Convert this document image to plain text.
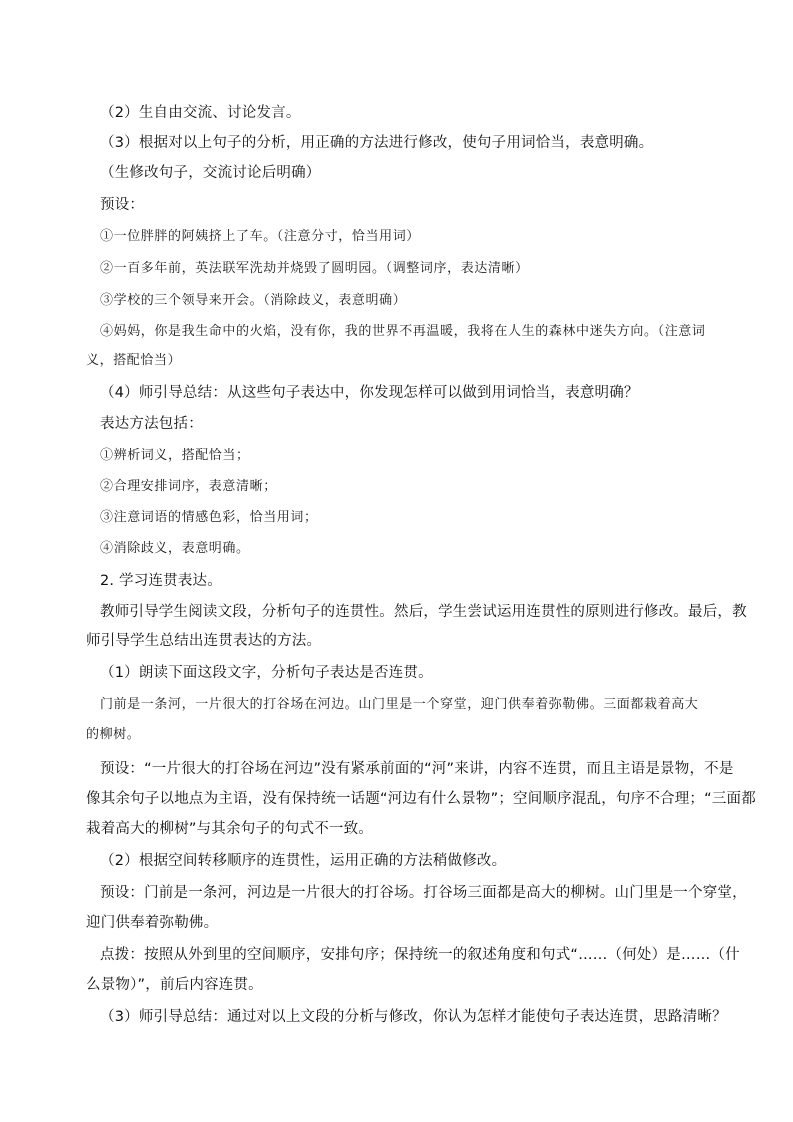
（2）生自由交流、讨论发言。
（3）根据对以上句子的分析，用正确的方法进行修改，使句子用词恰当，表意明确。
（生修改句子，交流讨论后明确）
预设：
①一位胖胖的阿姨挤上了车。（注意分寸，恰当用词）
②一百多年前，英法联军洗劫并烧毁了圆明园。（调整词序，表达清晰）
③学校的三个领导来开会。（消除歧义，表意明确）
④妈妈，你是我生命中的火焰，没有你，我的世界不再温暖，我将在人生的森林中迷失方向。（注意词
义，搭配恰当）
（4）师引导总结：从这些句子表达中，你发现怎样可以做到用词恰当，表意明确？
表达方法包括：
①辨析词义，搭配恰当；
②合理安排词序，表意清晰；
③注意词语的情感色彩，恰当用词；
④消除歧义，表意明确。
2. 学习连贯表达。
教师引导学生阅读文段，分析句子的连贯性。然后，学生尝试运用连贯性的原则进行修改。最后，教
师引导学生总结出连贯表达的方法。
（1）朗读下面这段文字，分析句子表达是否连贯。
门前是一条河，一片很大的打谷场在河边。山门里是一个穿堂，迎门供奉着弥勒佛。三面都栽着高大
的柳树。
预设：“一片很大的打谷场在河边”没有紧承前面的“河”来讲，内容不连贯，而且主语是景物，不是
像其余句子以地点为主语，没有保持统一话题“河边有什么景物”；空间顺序混乱，句序不合理；“三面都
栽着高大的柳树”与其余句子的句式不一致。
（2）根据空间转移顺序的连贯性，运用正确的方法稍做修改。
预设：门前是一条河，河边是一片很大的打谷场。打谷场三面都是高大的柳树。山门里是一个穿堂，
迎门供奉着弥勒佛。
点拨：按照从外到里的空间顺序，安排句序；保持统一的叙述角度和句式“……（何处）是……（什
么景物）”，前后内容连贯。
（3）师引导总结：通过对以上文段的分析与修改，你认为怎样才能使句子表达连贯，思路清晰？
